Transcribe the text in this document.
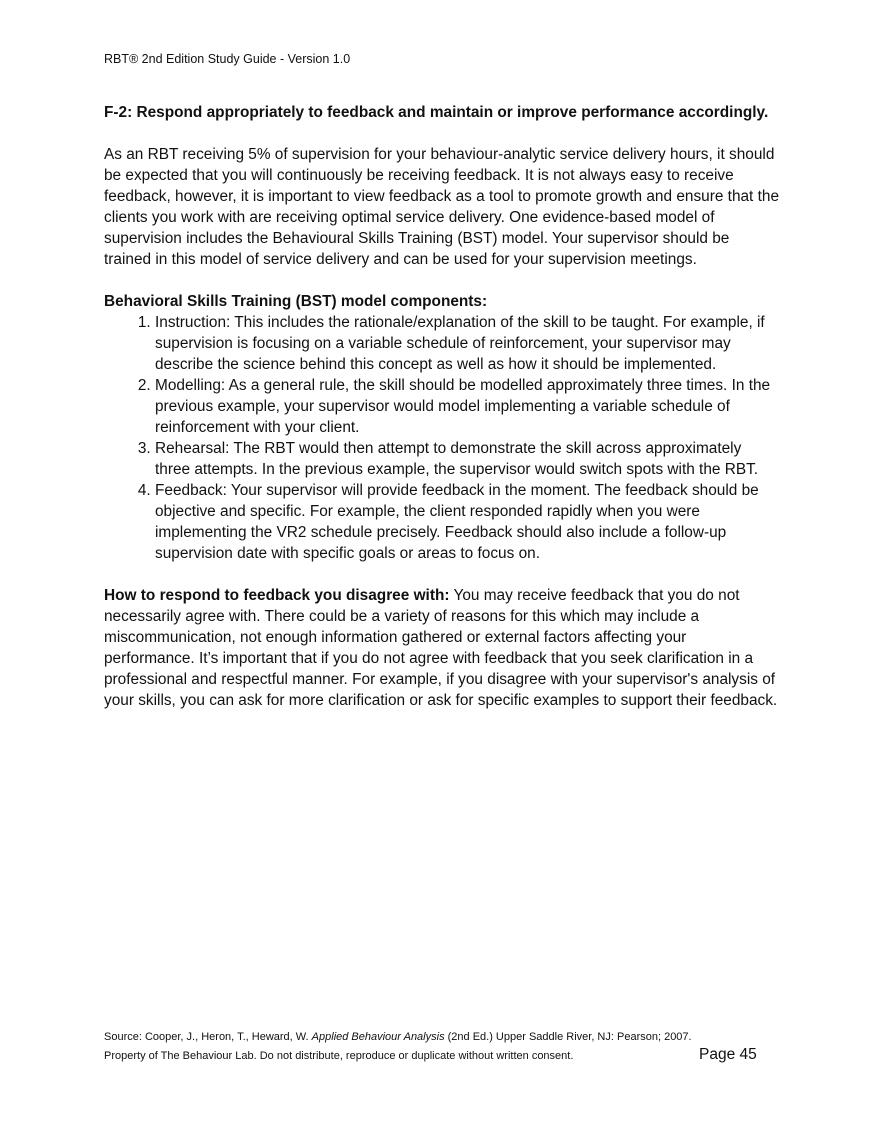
RBT® 2nd Edition Study Guide - Version 1.0
F-2: Respond appropriately to feedback and maintain or improve performance accordingly.

As an RBT receiving 5% of supervision for your behaviour-analytic service delivery hours, it should be expected that you will continuously be receiving feedback. It is not always easy to receive feedback, however, it is important to view feedback as a tool to promote growth and ensure that the clients you work with are receiving optimal service delivery. One evidence-based model of supervision includes the Behavioural Skills Training (BST) model. Your supervisor should be trained in this model of service delivery and can be used for your supervision meetings.

Behavioral Skills Training (BST) model components:

1. Instruction: This includes the rationale/explanation of the skill to be taught. For example, if supervision is focusing on a variable schedule of reinforcement, your supervisor may describe the science behind this concept as well as how it should be implemented.
2. Modelling: As a general rule, the skill should be modelled approximately three times. In the previous example, your supervisor would model implementing a variable schedule of reinforcement with your client.
3. Rehearsal: The RBT would then attempt to demonstrate the skill across approximately three attempts. In the previous example, the supervisor would switch spots with the RBT.
4. Feedback: Your supervisor will provide feedback in the moment. The feedback should be objective and specific. For example, the client responded rapidly when you were implementing the VR2 schedule precisely. Feedback should also include a follow-up supervision date with specific goals or areas to focus on.

How to respond to feedback you disagree with: You may receive feedback that you do not necessarily agree with. There could be a variety of reasons for this which may include a miscommunication, not enough information gathered or external factors affecting your performance. It’s important that if you do not agree with feedback that you seek clarification in a professional and respectful manner. For example, if you disagree with your supervisor's analysis of your skills, you can ask for more clarification or ask for specific examples to support their feedback.

Source: Cooper, J., Heron, T., Heward, W. Applied Behaviour Analysis (2nd Ed.) Upper Saddle River, NJ: Pearson; 2007.
Property of The Behaviour Lab. Do not distribute, reproduce or duplicate without written consent.	Page 45
